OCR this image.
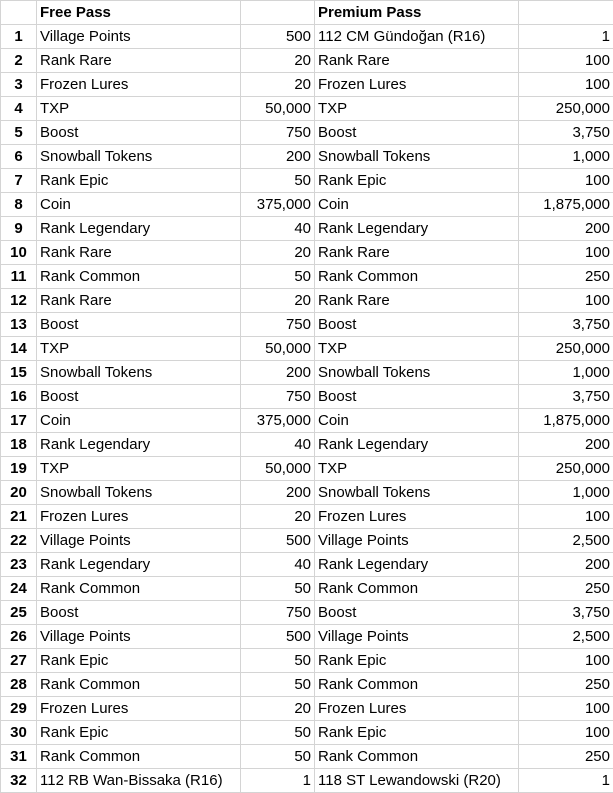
	Free Pass		Premium Pass	
1	Village Points	500	112 CM Gündoğan (R16)	1
2	Rank Rare	20	Rank Rare	100
3	Frozen Lures	20	Frozen Lures	100
4	TXP	50,000	TXP	250,000
5	Boost	750	Boost	3,750
6	Snowball Tokens	200	Snowball Tokens	1,000
7	Rank Epic	50	Rank Epic	100
8	Coin	375,000	Coin	1,875,000
9	Rank Legendary	40	Rank Legendary	200
10	Rank Rare	20	Rank Rare	100
11	Rank Common	50	Rank Common	250
12	Rank Rare	20	Rank Rare	100
13	Boost	750	Boost	3,750
14	TXP	50,000	TXP	250,000
15	Snowball Tokens	200	Snowball Tokens	1,000
16	Boost	750	Boost	3,750
17	Coin	375,000	Coin	1,875,000
18	Rank Legendary	40	Rank Legendary	200
19	TXP	50,000	TXP	250,000
20	Snowball Tokens	200	Snowball Tokens	1,000
21	Frozen Lures	20	Frozen Lures	100
22	Village Points	500	Village Points	2,500
23	Rank Legendary	40	Rank Legendary	200
24	Rank Common	50	Rank Common	250
25	Boost	750	Boost	3,750
26	Village Points	500	Village Points	2,500
27	Rank Epic	50	Rank Epic	100
28	Rank Common	50	Rank Common	250
29	Frozen Lures	20	Frozen Lures	100
30	Rank Epic	50	Rank Epic	100
31	Rank Common	50	Rank Common	250
32	112 RB Wan-Bissaka (R16)	1	118 ST Lewandowski (R20)	1
